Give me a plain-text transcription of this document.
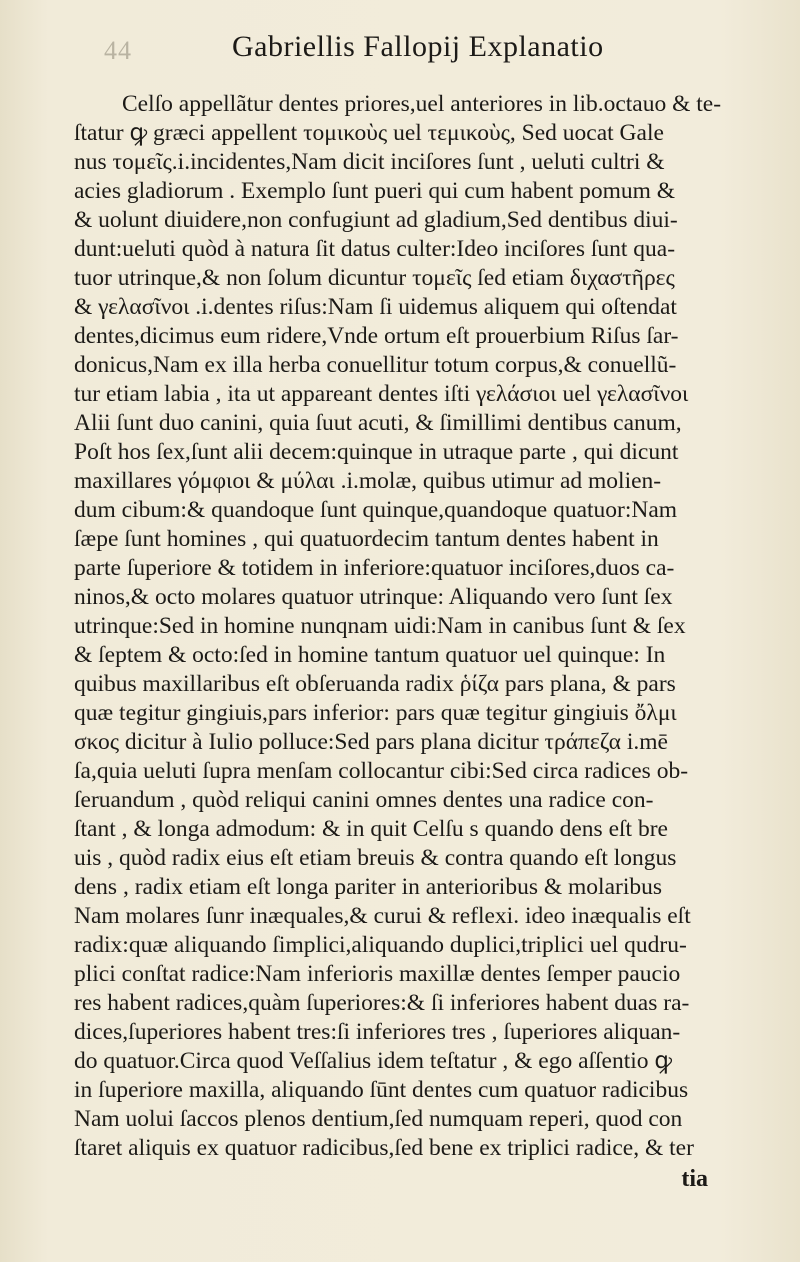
44	Gabriellis Fallopij Explanatio
Celſo appellãtur dentes priores,uel anteriores in lib.octauo & te-
ſtatur ꝙ græci appellent τομικοὺς uel τεμικοὺς, Sed uocat Gale
nus τομεῖς.i.incidentes,Nam dicit inciſores ſunt , ueluti cultri &
acies gladiorum . Exemplo ſunt pueri qui cum habent pomum &
& uolunt diuidere,non confugiunt ad gladium,Sed dentibus diui-
dunt:ueluti quòd à natura ſit datus culter:Ideo inciſores ſunt qua-
tuor utrinque,& non ſolum dicuntur τομεῖς ſed etiam διχαστῆρες
& γελασῖνοι .i.dentes riſus:Nam ſi uidemus aliquem qui oſtendat
dentes,dicimus eum ridere,Vnde ortum eſt prouerbium Riſus ſar-
donicus,Nam ex illa herba conuellitur totum corpus,& conuellũ-
tur etiam labia , ita ut appareant dentes iſti γελάσιοι uel γελασῖνοι
Alii ſunt duo canini, quia ſuut acuti, & ſimillimi dentibus canum,
Poſt hos ſex,ſunt alii decem:quinque in utraque parte , qui dicunt
maxillares γόμφιοι & μύλαι .i.molæ, quibus utimur ad molien-
dum cibum:& quandoque ſunt quinque,quandoque quatuor:Nam
ſæpe ſunt homines , qui quatuordecim tantum dentes habent in
parte ſuperiore & totidem in inferiore:quatuor inciſores,duos ca-
ninos,& octo molares quatuor utrinque: Aliquando vero ſunt ſex
utrinque:Sed in homine nunqnam uidi:Nam in canibus ſunt & ſex
& ſeptem & octo:ſed in homine tantum quatuor uel quinque: In
quibus maxillaribus eſt obſeruanda radix ῥίζα pars plana, & pars
quæ tegitur gingiuis,pars inferior: pars quæ tegitur gingiuis ὄλμι
σκος dicitur à Iulio polluce:Sed pars plana dicitur τράπεζα i.mē
ſa,quia ueluti ſupra menſam collocantur cibi:Sed circa radices ob-
ſeruandum , quòd reliqui canini omnes dentes una radice con-
ſtant , & longa admodum: & in quit Celſu s quando dens eſt bre
uis , quòd radix eius eſt etiam breuis & contra quando eſt longus
dens , radix etiam eſt longa pariter in anterioribus & molaribus
Nam molares ſunr inæquales,& curui & reflexi. ideo inæqualis eſt
radix:quæ aliquando ſimplici,aliquando duplici,triplici uel qudru-
plici conſtat radice:Nam inferioris maxillæ dentes ſemper paucio
res habent radices,quàm ſuperiores:& ſi inferiores habent duas ra-
dices,ſuperiores habent tres:ſi inferiores tres , ſuperiores aliquan-
do quatuor.Circa quod Veſſalius idem teſtatur , & ego aſſentio ꝙ
in ſuperiore maxilla, aliquando ſūnt dentes cum quatuor radicibus
Nam uolui ſaccos plenos dentium,ſed numquam reperi, quod con
ſtaret aliquis ex quatuor radicibus,ſed bene ex triplici radice, & ter
tia
